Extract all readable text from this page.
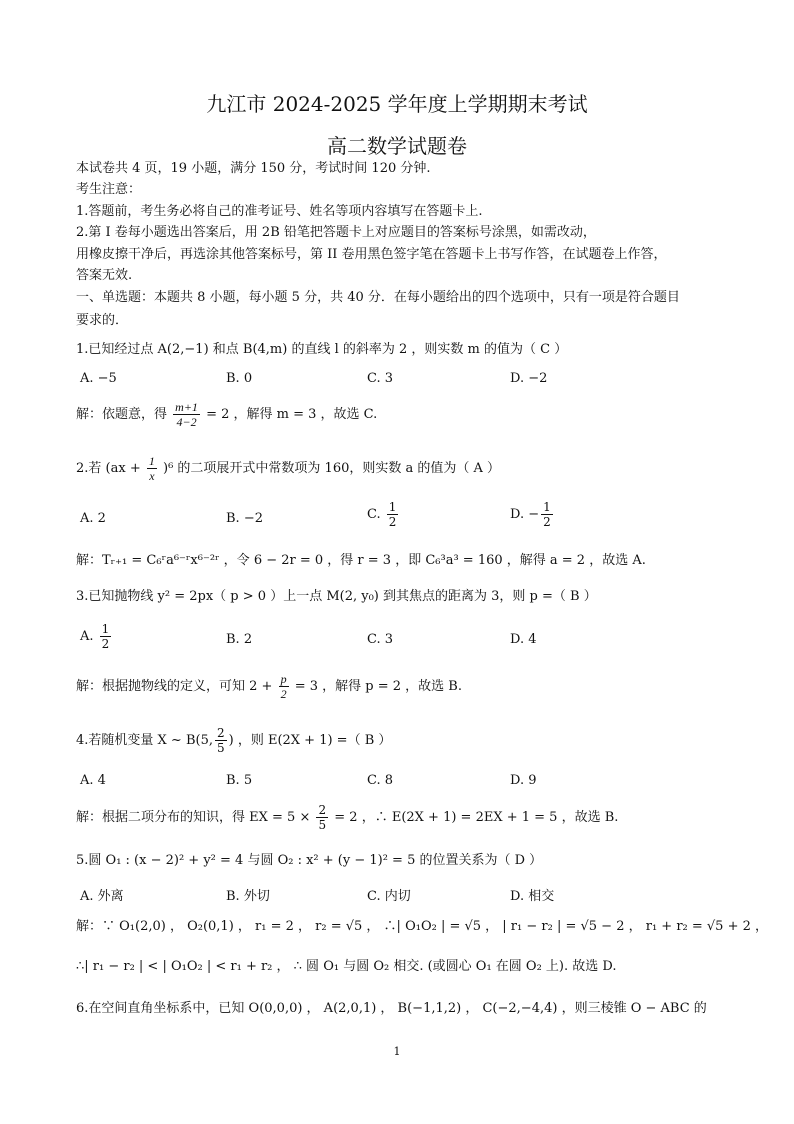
九江市 2024-2025 学年度上学期期末考试
高二数学试题卷
本试卷共 4 页，19 小题，满分 150 分，考试时间 120 分钟.
考生注意：
1.答题前，考生务必将自己的准考证号、姓名等项内容填写在答题卡上.
2.第 I 卷每小题选出答案后，用 2B 铅笔把答题卡上对应题目的答案标号涂黑，如需改动，
用橡皮擦干净后，再选涂其他答案标号，第 II 卷用黑色签字笔在答题卡上书写作答，在试题卷上作答，
答案无效.
一、单选题：本题共 8 小题，每小题 5 分，共 40 分．在每小题给出的四个选项中，只有一项是符合题目
要求的．
1.已知经过点 A(2,−1) 和点 B(4,m) 的直线 l 的斜率为 2 ，则实数 m 的值为（ C ）
A. −5	B. 0	C. 3	D. −2
解：依题意，得 $\frac{m+1}{4-2} = 2$ ，解得 m = 3 ，故选 C.
2.若 $(ax + \frac{1}{x} )^6$ 的二项展开式中常数项为 160，则实数 a 的值为（ A ）
A. 2	B. −2	C. $\frac{1}{2}$	D. − $\frac{1}{2}$
解：Tᵣ₊₁ = C₆ʳa⁶⁻ʳx⁶⁻²ʳ ，令 6 − 2r = 0 ，得 r = 3 ，即 C₆³a³ = 160 ，解得 a = 2 ，故选 A.
3.已知抛物线 y² = 2px（ p > 0 ）上一点 M(2, y₀) 到其焦点的距离为 3，则 p =（ B ）
A. $\frac{1}{2}$	B. 2	C. 3	D. 4
解：根据抛物线的定义，可知 $2 + \frac{p}{2} = 3$ ，解得 p = 2 ，故选 B.
4.若随机变量 X ~ B(5, $\frac{2}{5}$ ) ，则 E(2X + 1) =（ B ）
A. 4	B. 5	C. 8	D. 9
解：根据二项分布的知识，得 EX = $5 \times \frac{2}{5} = 2$ ，∴ E(2X + 1) = 2EX + 1 = 5 ，故选 B.
5.圆 O₁ : (x − 2)² + y² = 4 与圆 O₂ : x² + (y − 1)² = 5 的位置关系为（ D ）
A. 外离	B. 外切	C. 内切	D. 相交
解：∵ O₁(2,0) ， O₂(0,1) ， r₁ = 2 ， r₂ = √5 ， ∴| O₁O₂ | = √5 ， | r₁ − r₂ | = √5 − 2 ， r₁ + r₂ = √5 + 2 ，
∴| r₁ − r₂ | < | O₁O₂ | < r₁ + r₂ ， ∴ 圆 O₁ 与圆 O₂ 相交. (或圆心 O₁ 在圆 O₂ 上). 故选 D.
6.在空间直角坐标系中，已知 O(0,0,0) ， A(2,0,1) ， B(−1,1,2) ， C(−2,−4,4) ，则三棱锥 O − ABC 的
1
